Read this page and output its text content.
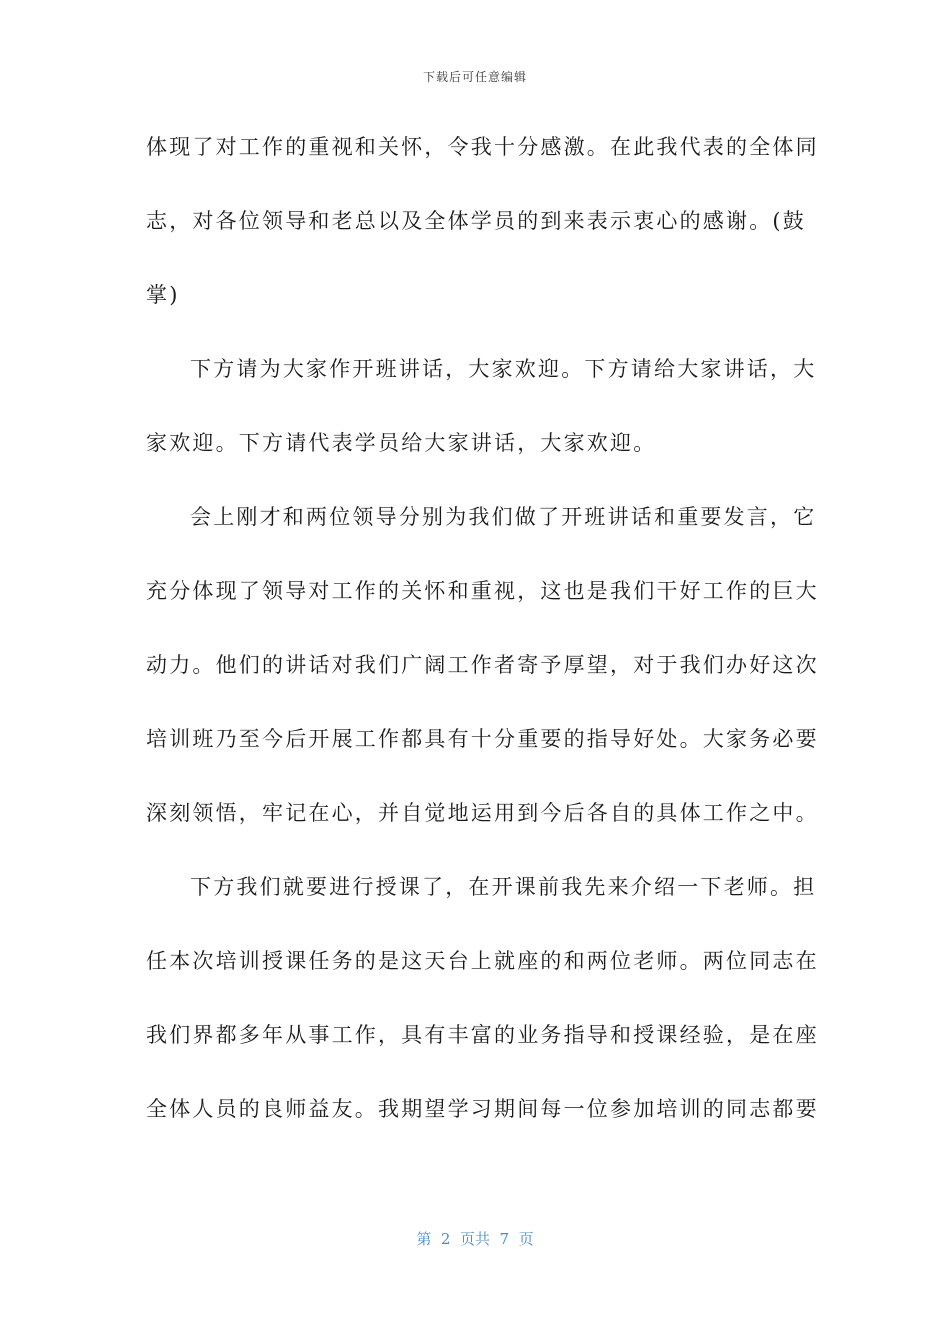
下载后可任意编辑
体现了对工作的重视和关怀，令我十分感激。在此我代表的全体同
志，对各位领导和老总以及全体学员的到来表示衷心的感谢。(鼓
掌)
下方请为大家作开班讲话，大家欢迎。下方请给大家讲话，大
家欢迎。下方请代表学员给大家讲话，大家欢迎。
会上刚才和两位领导分别为我们做了开班讲话和重要发言，它
充分体现了领导对工作的关怀和重视，这也是我们干好工作的巨大
动力。他们的讲话对我们广阔工作者寄予厚望，对于我们办好这次
培训班乃至今后开展工作都具有十分重要的指导好处。大家务必要
深刻领悟，牢记在心，并自觉地运用到今后各自的具体工作之中。
下方我们就要进行授课了，在开课前我先来介绍一下老师。担
任本次培训授课任务的是这天台上就座的和两位老师。两位同志在
我们界都多年从事工作，具有丰富的业务指导和授课经验，是在座
全体人员的良师益友。我期望学习期间每一位参加培训的同志都要
第  2  页共  7  页
